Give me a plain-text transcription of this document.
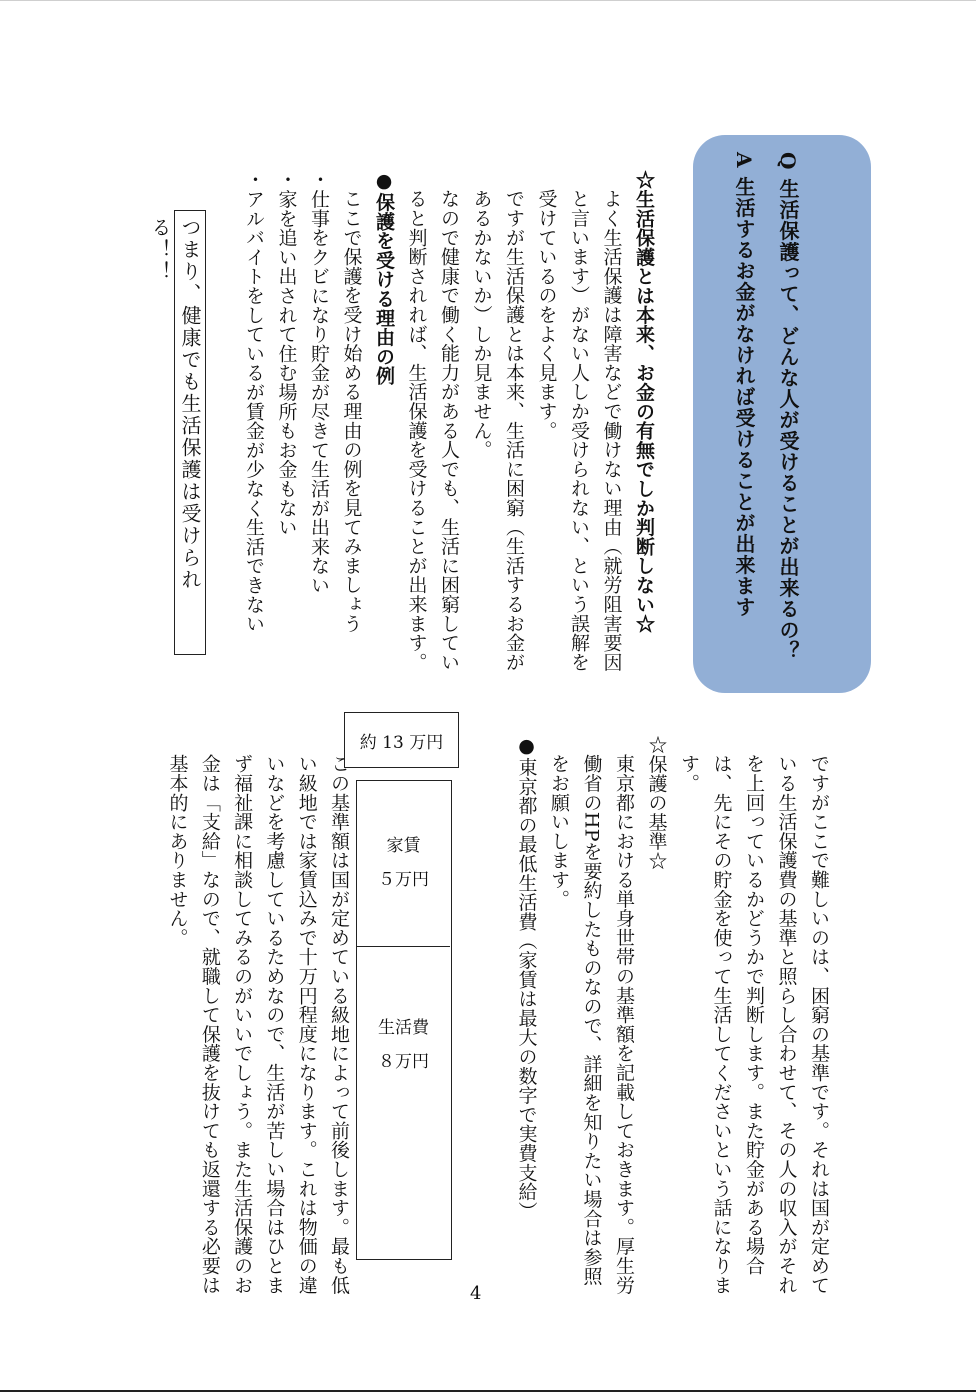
Q 生活保護って、どんな人が受けることが出来るの？

A 生活するお金がなければ受けることが出来ます

☆生活保護とは本来、お金の有無でしか判断しない☆

よく生活保護は障害などで働けない理由（就労阻害要因と言います）がない人しか受けられない、という誤解を受けているのをよく見ます。

ですが生活保護とは本来、生活に困窮（生活するお金があるかないか）しか見ません。

なので健康で働く能力がある人でも、生活に困窮していると判断されれば、生活保護を受けることが出来ます。

●保護を受ける理由の例

ここで保護を受け始める理由の例を見てみましょう

・仕事をクビになり貯金が尽きて生活が出来ない

・家を追い出されて住む場所もお金もない

・アルバイトをしているが賃金が少なく生活できない

つまり、健康でも生活保護は受けられる！！

ですがここで難しいのは、困窮の基準です。それは国が定めている生活保護費の基準と照らし合わせて、その人の収入がそれを上回っているかどうかで判断します。また貯金がある場合は、先にその貯金を使って生活してくださいという話になります。

☆保護の基準☆

東京都における単身世帯の基準額を記載しておきます。厚生労働省のHPを要約したものなので、詳細を知りたい場合は参照をお願いします。

●東京都の最低生活費（家賃は最大の数字で実費支給）

約 13 万円
家賃
５万円
生活費
８万円

この基準額は国が定めている級地によって前後します。最も低い級地では家賃込みで十万円程度になります。これは物価の違いなどを考慮しているためなので、生活が苦しい場合はひとまず福祉課に相談してみるのがいいでしょう。また生活保護のお金は「支給」なので、就職して保護を抜けても返還する必要は基本的にありません。

4
